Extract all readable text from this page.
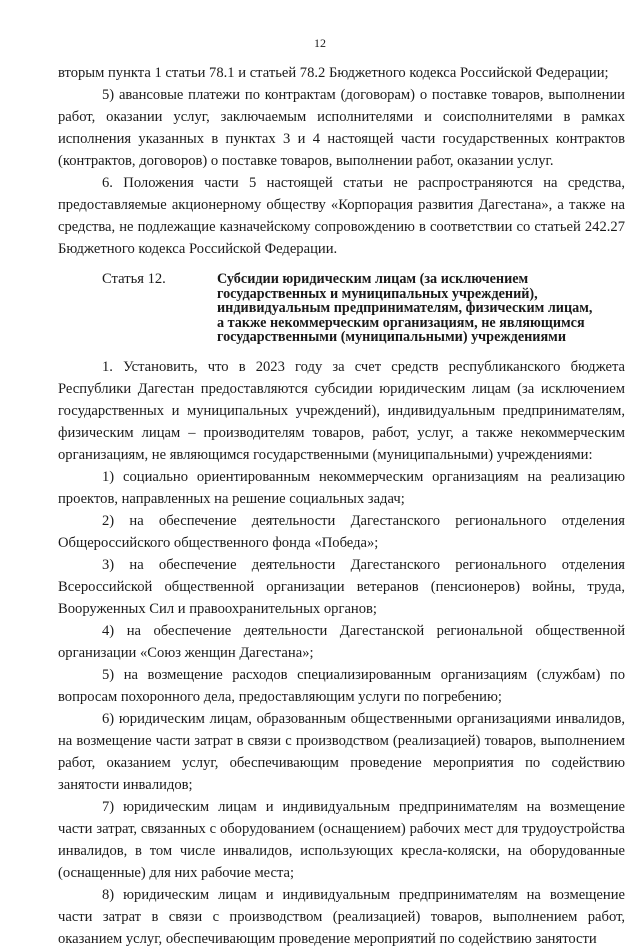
12

вторым пункта 1 статьи 78.1 и статьей 78.2 Бюджетного кодекса Российской Федерации;

5) авансовые платежи по контрактам (договорам) о поставке товаров, выполнении работ, оказании услуг, заключаемым исполнителями и соисполнителями в рамках исполнения указанных в пунктах 3 и 4 настоящей части государственных контрактов (контрактов, договоров) о поставке товаров, выполнении работ, оказании услуг.

6. Положения части 5 настоящей статьи не распространяются на средства, предоставляемые акционерному обществу «Корпорация развития Дагестана», а также на средства, не подлежащие казначейскому сопровождению в соответствии со статьей 242.27 Бюджетного кодекса Российской Федерации.

Статья 12.	Субсидии юридическим лицам (за исключением
государственных и муниципальных учреждений),
индивидуальным предпринимателям, физическим лицам,
а также некоммерческим организациям, не являющимся
государственными (муниципальными) учреждениями

1. Установить, что в 2023 году за счет средств республиканского бюджета Республики Дагестан предоставляются субсидии юридическим лицам (за исключением государственных и муниципальных учреждений), индивидуальным предпринимателям, физическим лицам – производителям товаров, работ, услуг, а также некоммерческим организациям, не являющимся государственными (муниципальными) учреждениями:

1) социально ориентированным некоммерческим организациям на реализацию проектов, направленных на решение социальных задач;

2) на обеспечение деятельности Дагестанского регионального отделения Общероссийского общественного фонда «Победа»;

3) на обеспечение деятельности Дагестанского регионального отделения Всероссийской общественной организации ветеранов (пенсионеров) войны, труда, Вооруженных Сил и правоохранительных органов;

4) на обеспечение деятельности Дагестанской региональной общественной организации «Союз женщин Дагестана»;

5) на возмещение расходов специализированным организациям (службам) по вопросам похоронного дела, предоставляющим услуги по погребению;

6) юридическим лицам, образованным общественными организациями инвалидов, на возмещение части затрат в связи с производством (реализацией) товаров, выполнением работ, оказанием услуг, обеспечивающим проведение мероприятия по содействию занятости инвалидов;

7) юридическим лицам и индивидуальным предпринимателям на возмещение части затрат, связанных с оборудованием (оснащением) рабочих мест для трудоустройства инвалидов, в том числе инвалидов, использующих кресла-коляски, на оборудованные (оснащенные) для них рабочие места;

8) юридическим лицам и индивидуальным предпринимателям на возмещение части затрат в связи с производством (реализацией) товаров, выполнением работ, оказанием услуг, обеспечивающим проведение мероприятий по содействию занятости
